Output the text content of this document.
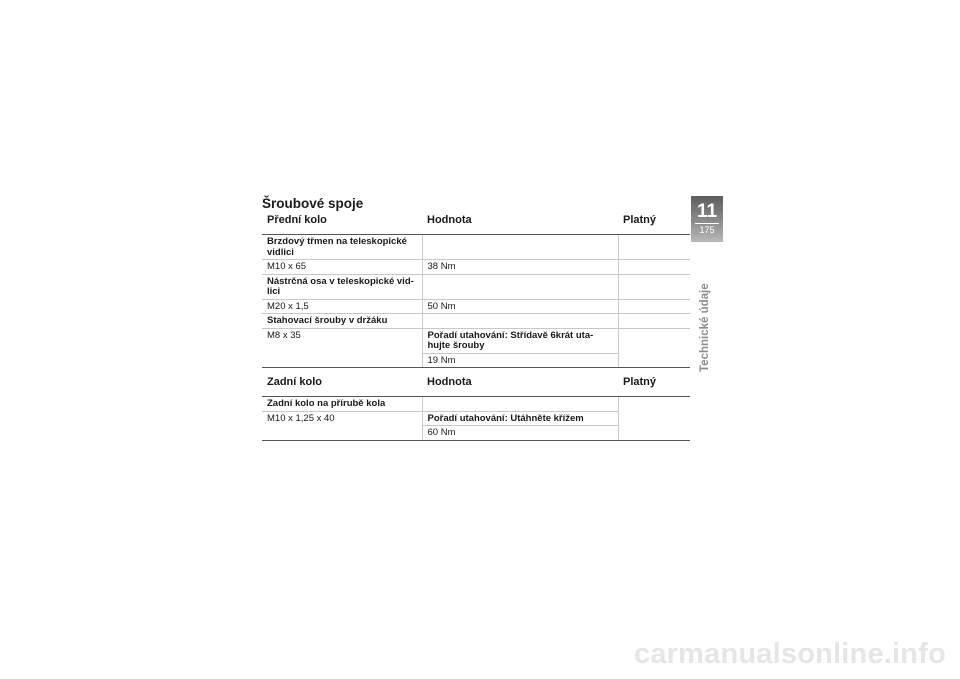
Šroubové spoje
Přední kolo	Hodnota	Platný
Brzdový třmen na teleskopické vidlici		
M10 x 65	38 Nm	
Nástrčná osa v teleskopické vid- lici		
M20 x 1,5	50 Nm	
Stahovací šrouby v držáku		
M8 x 35	Pořadí utahování: Střídavě 6krát uta- hujte šrouby	
	19 Nm	
Zadní kolo	Hodnota	Platný
Zadní kolo na přírubě kola		
M10 x 1,25 x 40	Pořadí utahování: Utáhněte křížem	
	60 Nm	
11
175
Technické údaje
carmanualsonline.info
